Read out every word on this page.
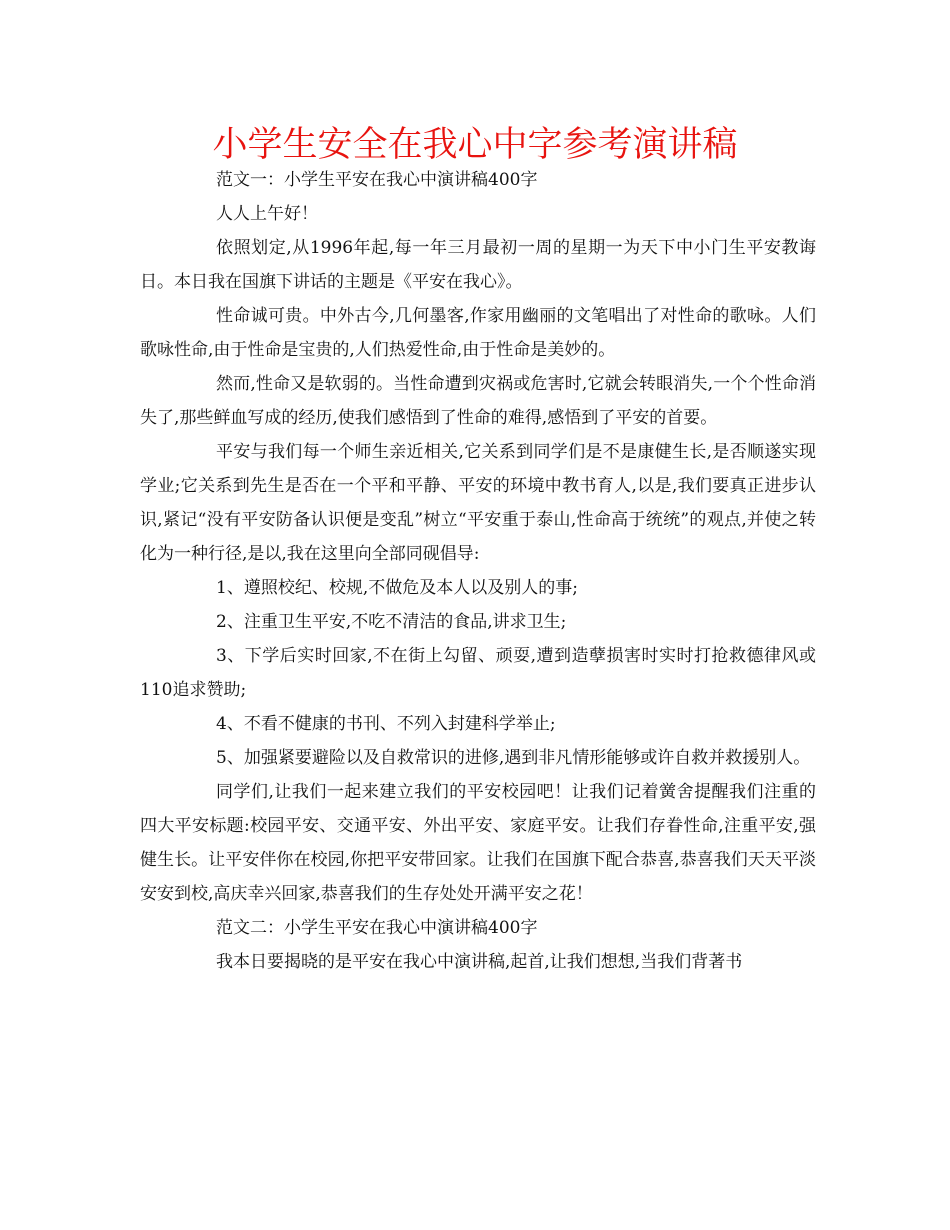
小学生安全在我心中字参考演讲稿

范文一：小学生平安在我心中演讲稿400字

人人上午好！

依照划定,从1996年起,每一年三月最初一周的星期一为天下中小门生平安教诲日。本日我在国旗下讲话的主题是《平安在我心》。

性命诚可贵。中外古今,几何墨客,作家用幽丽的文笔唱出了对性命的歌咏。人们歌咏性命,由于性命是宝贵的,人们热爱性命,由于性命是美妙的。

然而,性命又是软弱的。当性命遭到灾祸或危害时,它就会转眼消失,一个个性命消失了,那些鲜血写成的经历,使我们感悟到了性命的难得,感悟到了平安的首要。

平安与我们每一个师生亲近相关,它关系到同学们是不是康健生长,是否顺遂实现学业;它关系到先生是否在一个平和平静、平安的环境中教书育人,以是,我们要真正进步认识,紧记“没有平安防备认识便是变乱”树立“平安重于泰山,性命高于统统”的观点,并使之转化为一种行径,是以,我在这里向全部同砚倡导:

1、遵照校纪、校规,不做危及本人以及别人的事;

2、注重卫生平安,不吃不清洁的食品,讲求卫生;

3、下学后实时回家,不在街上勾留、顽耍,遭到造孽损害时实时打抢救德律风或110追求赞助;

4、不看不健康的书刊、不列入封建科学举止;

5、加强紧要避险以及自救常识的进修,遇到非凡情形能够或许自救并救援别人。

同学们,让我们一起来建立我们的平安校园吧！让我们记着黉舍提醒我们注重的四大平安标题:校园平安、交通平安、外出平安、家庭平安。让我们存眷性命,注重平安,强健生长。让平安伴你在校园,你把平安带回家。让我们在国旗下配合恭喜,恭喜我们天天平淡安安到校,高庆幸兴回家,恭喜我们的生存处处开满平安之花！

范文二：小学生平安在我心中演讲稿400字

我本日要揭晓的是平安在我心中演讲稿,起首,让我们想想,当我们背著书
